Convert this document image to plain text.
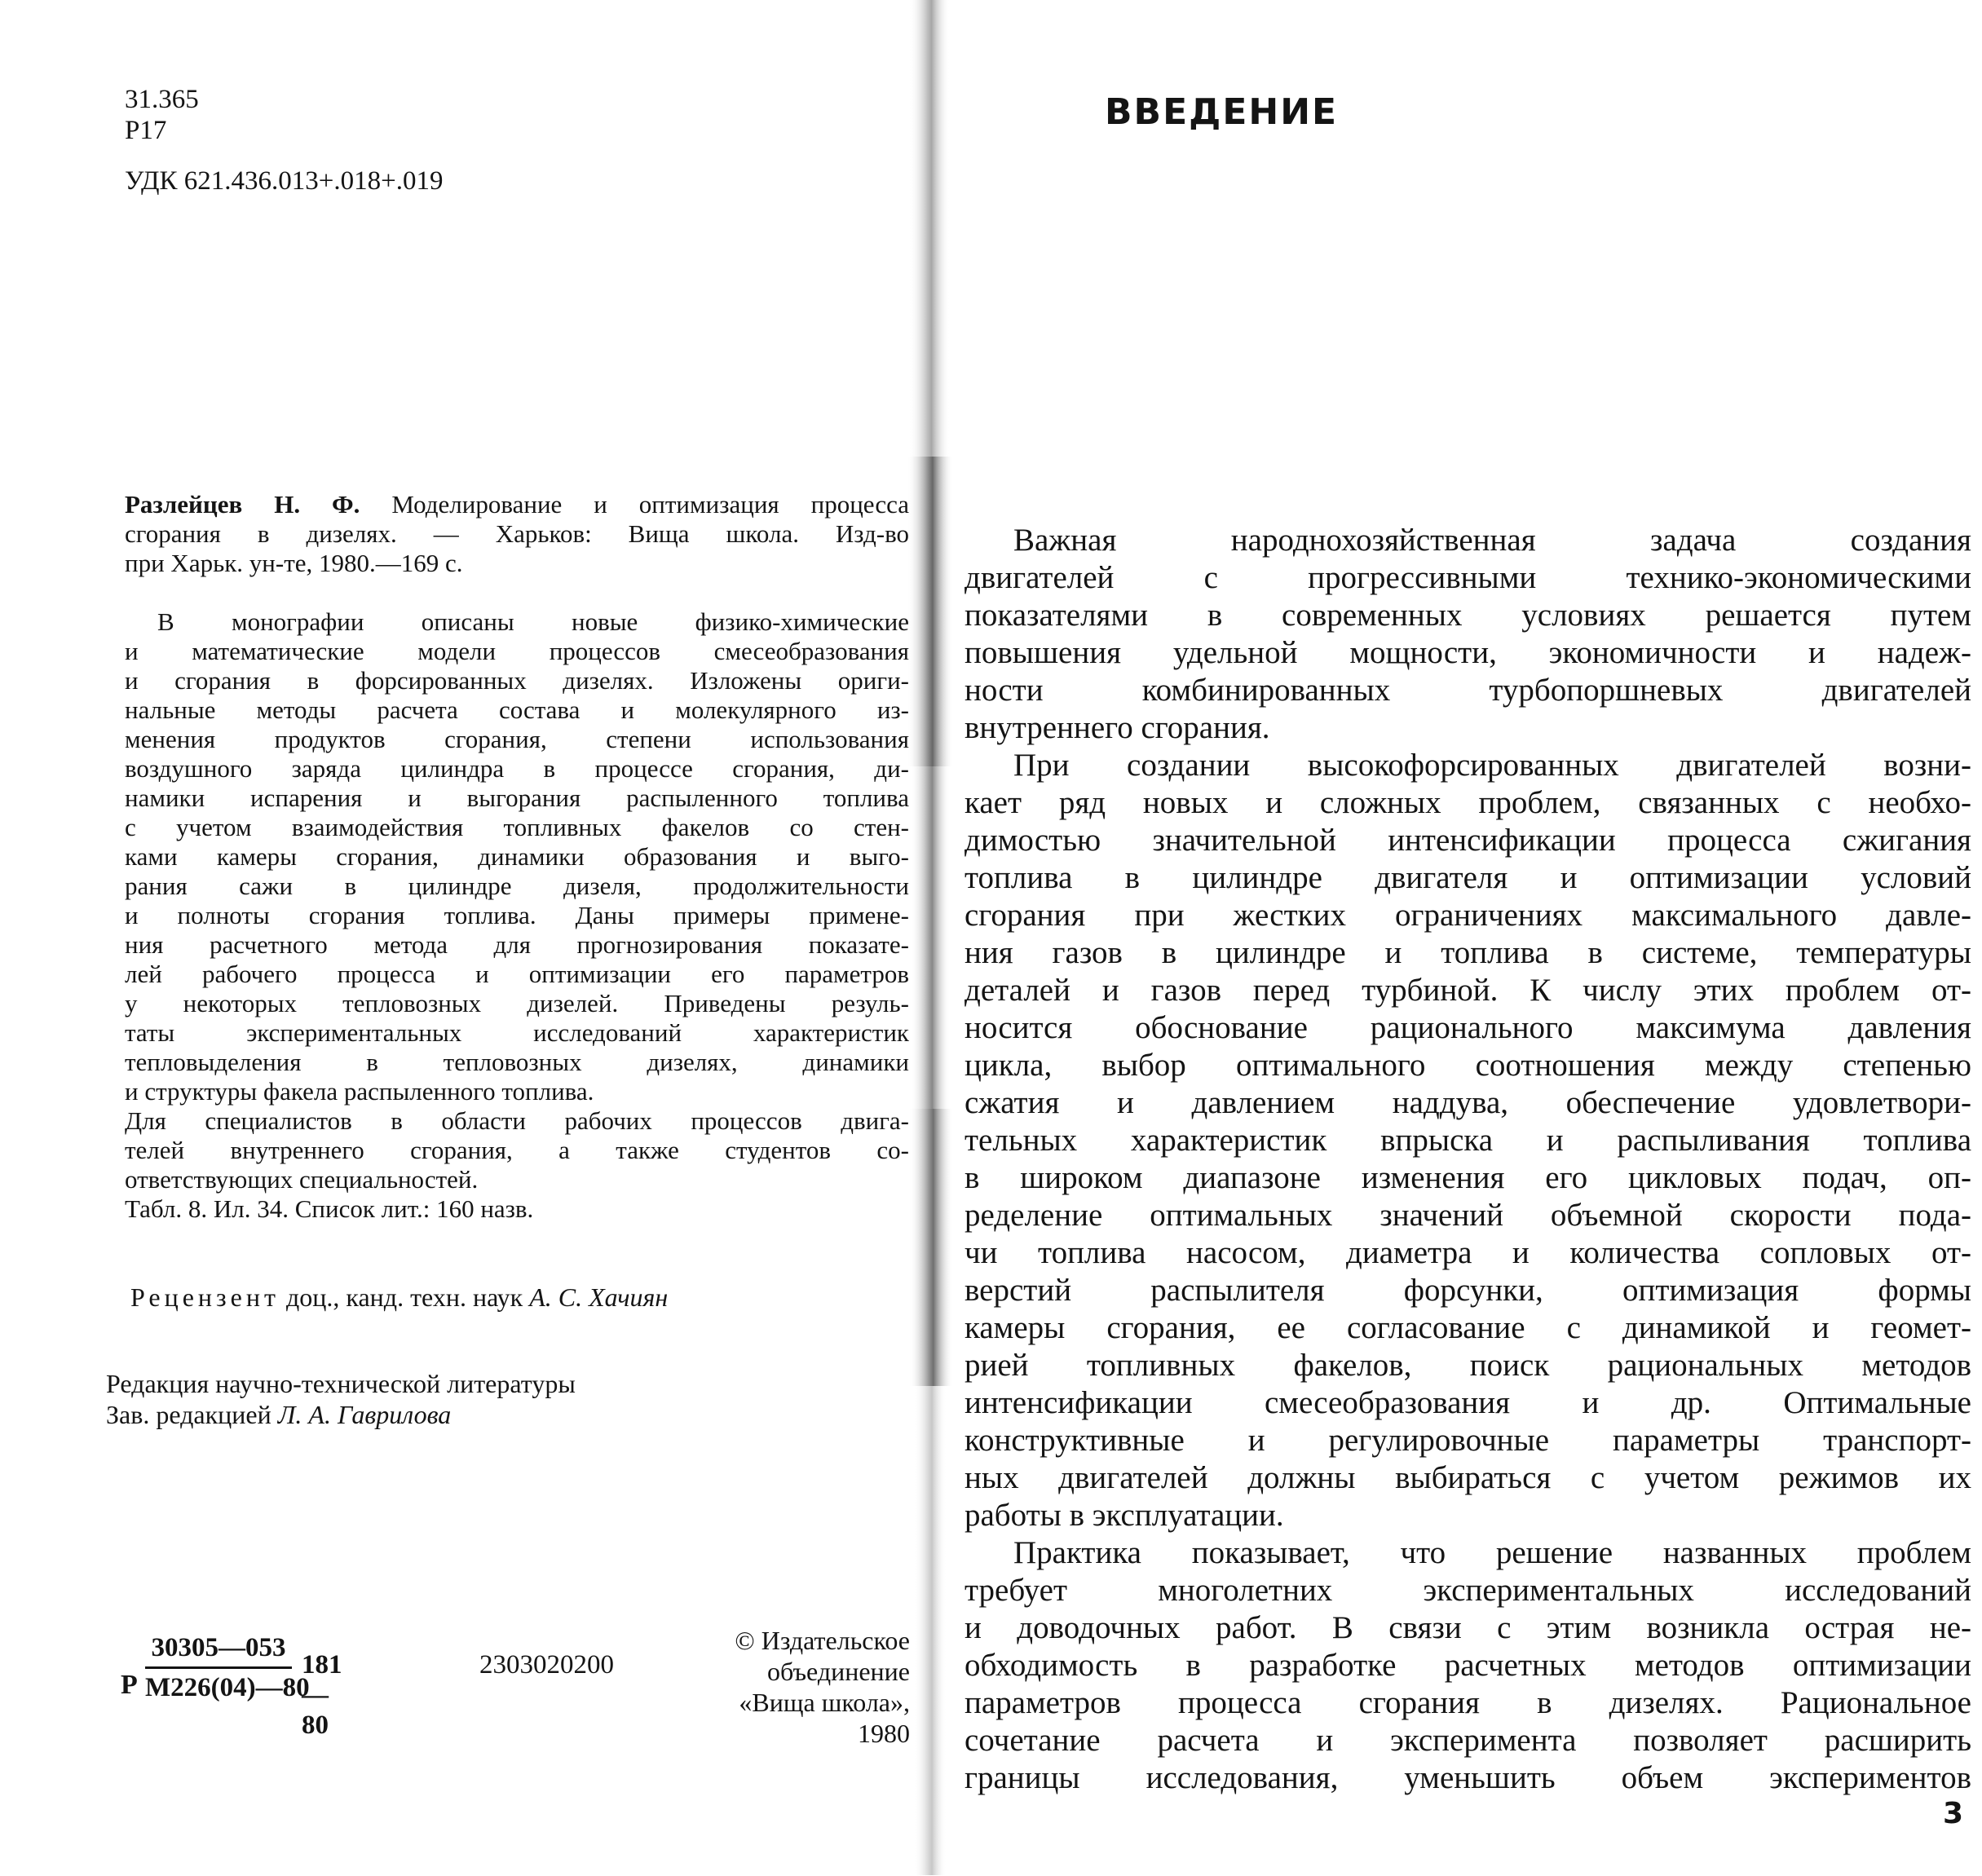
31.365
Р17
УДК 621.436.013+.018+.019
Разлейцев Н. Ф. Моделирование и оптимизация процесса
сгорания в дизелях. — Харьков: Вища школа. Изд-во
при Харьк. ун-те, 1980.—169 с.
В монографии описаны новые физико-химические
и математические модели процессов смесеобразования
и сгорания в форсированных дизелях. Изложены ориги-
нальные методы расчета состава и молекулярного из-
менения продуктов сгорания, степени использования
воздушного заряда цилиндра в процессе сгорания, ди-
намики испарения и выгорания распыленного топлива
с учетом взаимодействия топливных факелов со стен-
ками камеры сгорания, динамики образования и выго-
рания сажи в цилиндре дизеля, продолжительности
и полноты сгорания топлива. Даны примеры примене-
ния расчетного метода для прогнозирования показате-
лей рабочего процесса и оптимизации его параметров
у некоторых тепловозных дизелей. Приведены резуль-
таты экспериментальных исследований характеристик
тепловыделения в тепловозных дизелях, динамики
и структуры факела распыленного топлива.
Для специалистов в области рабочих процессов двига-
телей внутреннего сгорания, а также студентов со-
ответствующих специальностей.
Табл. 8. Ил. 34. Список лит.: 160 назв.
Рецензент доц., канд. техн. наук А. С. Хачиян
Редакция научно-технической литературы
Зав. редакцией Л. А. Гаврилова
Р
30305—053
М226(04)—80
181—80
2303020200
© Издательское
объединение
«Вища школа»,
1980
ВВЕДЕНИЕ
Важная народнохозяйственная задача создания
двигателей с прогрессивными технико-экономическими
показателями в современных условиях решается путем
повышения удельной мощности, экономичности и надеж-
ности комбинированных турбопоршневых двигателей
внутреннего сгорания.
При создании высокофорсированных двигателей возни-
кает ряд новых и сложных проблем, связанных с необхо-
димостью значительной интенсификации процесса сжигания
топлива в цилиндре двигателя и оптимизации условий
сгорания при жестких ограничениях максимального давле-
ния газов в цилиндре и топлива в системе, температуры
деталей и газов перед турбиной. К числу этих проблем от-
носится обоснование рационального максимума давления
цикла, выбор оптимального соотношения между степенью
сжатия и давлением наддува, обеспечение удовлетвори-
тельных характеристик впрыска и распыливания топлива
в широком диапазоне изменения его цикловых подач, оп-
ределение оптимальных значений объемной скорости пода-
чи топлива насосом, диаметра и количества сопловых от-
верстий распылителя форсунки, оптимизация формы
камеры сгорания, ее согласование с динамикой и геомет-
рией топливных факелов, поиск рациональных методов
интенсификации смесеобразования и др. Оптимальные
конструктивные и регулировочные параметры транспорт-
ных двигателей должны выбираться с учетом режимов их
работы в эксплуатации.
Практика показывает, что решение названных проблем
требует многолетних экспериментальных исследований
и доводочных работ. В связи с этим возникла острая не-
обходимость в разработке расчетных методов оптимизации
параметров процесса сгорания в дизелях. Рациональное
сочетание расчета и эксперимента позволяет расширить
границы исследования, уменьшить объем экспериментов
3
